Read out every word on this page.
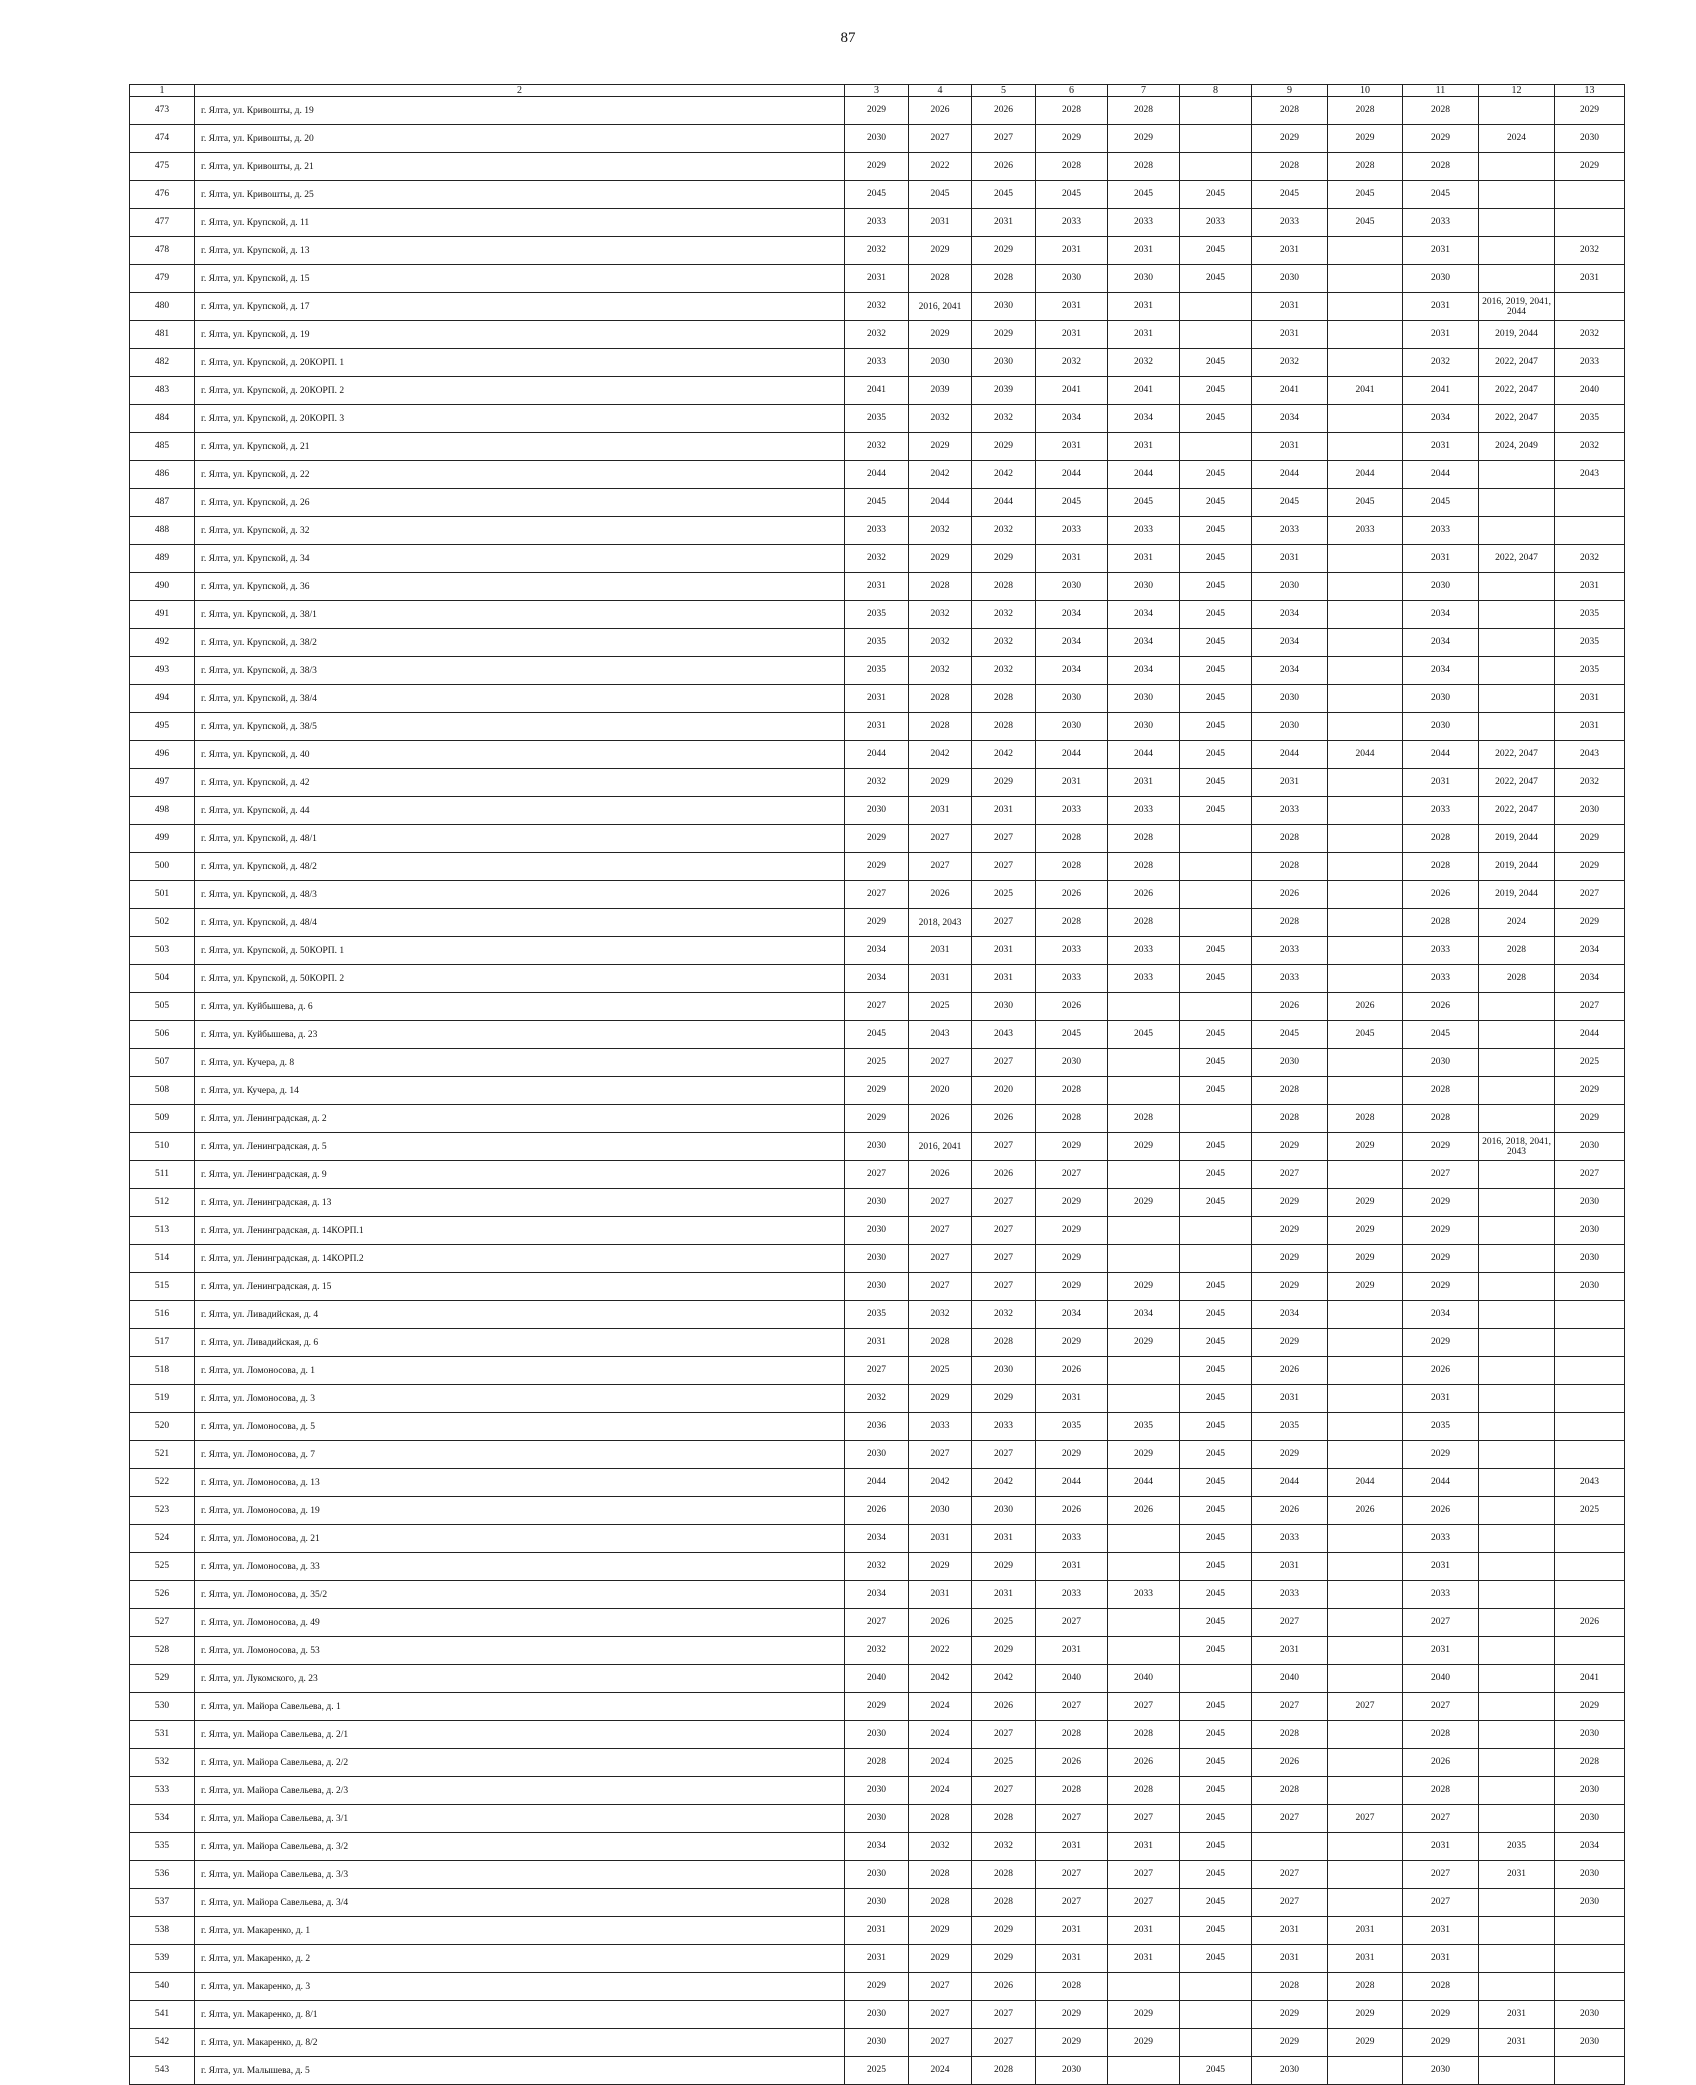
87
1	2	3	4	5	6	7	8	9	10	11	12	13
473	г. Ялта, ул. Кривошты, д. 19	2029	2026	2026	2028	2028		2028	2028	2028		2029
474	г. Ялта, ул. Кривошты, д. 20	2030	2027	2027	2029	2029		2029	2029	2029	2024	2030
475	г. Ялта, ул. Кривошты, д. 21	2029	2022	2026	2028	2028		2028	2028	2028		2029
476	г. Ялта, ул. Кривошты, д. 25	2045	2045	2045	2045	2045	2045	2045	2045	2045		
477	г. Ялта, ул. Крупской, д. 11	2033	2031	2031	2033	2033	2033	2033	2045	2033		
478	г. Ялта, ул. Крупской, д. 13	2032	2029	2029	2031	2031	2045	2031		2031		2032
479	г. Ялта, ул. Крупской, д. 15	2031	2028	2028	2030	2030	2045	2030		2030		2031
480	г. Ялта, ул. Крупской, д. 17	2032	2016, 2041	2030	2031	2031		2031		2031	2016, 2019, 2041, 2044	
481	г. Ялта, ул. Крупской, д. 19	2032	2029	2029	2031	2031		2031		2031	2019, 2044	2032
482	г. Ялта, ул. Крупской, д. 20КОРП. 1	2033	2030	2030	2032	2032	2045	2032		2032	2022, 2047	2033
483	г. Ялта, ул. Крупской, д. 20КОРП. 2	2041	2039	2039	2041	2041	2045	2041	2041	2041	2022, 2047	2040
484	г. Ялта, ул. Крупской, д. 20КОРП. 3	2035	2032	2032	2034	2034	2045	2034		2034	2022, 2047	2035
485	г. Ялта, ул. Крупской, д. 21	2032	2029	2029	2031	2031		2031		2031	2024, 2049	2032
486	г. Ялта, ул. Крупской, д. 22	2044	2042	2042	2044	2044	2045	2044	2044	2044		2043
487	г. Ялта, ул. Крупской, д. 26	2045	2044	2044	2045	2045	2045	2045	2045	2045		
488	г. Ялта, ул. Крупской, д. 32	2033	2032	2032	2033	2033	2045	2033	2033	2033		
489	г. Ялта, ул. Крупской, д. 34	2032	2029	2029	2031	2031	2045	2031		2031	2022, 2047	2032
490	г. Ялта, ул. Крупской, д. 36	2031	2028	2028	2030	2030	2045	2030		2030		2031
491	г. Ялта, ул. Крупской, д. 38/1	2035	2032	2032	2034	2034	2045	2034		2034		2035
492	г. Ялта, ул. Крупской, д. 38/2	2035	2032	2032	2034	2034	2045	2034		2034		2035
493	г. Ялта, ул. Крупской, д. 38/3	2035	2032	2032	2034	2034	2045	2034		2034		2035
494	г. Ялта, ул. Крупской, д. 38/4	2031	2028	2028	2030	2030	2045	2030		2030		2031
495	г. Ялта, ул. Крупской, д. 38/5	2031	2028	2028	2030	2030	2045	2030		2030		2031
496	г. Ялта, ул. Крупской, д. 40	2044	2042	2042	2044	2044	2045	2044	2044	2044	2022, 2047	2043
497	г. Ялта, ул. Крупской, д. 42	2032	2029	2029	2031	2031	2045	2031		2031	2022, 2047	2032
498	г. Ялта, ул. Крупской, д. 44	2030	2031	2031	2033	2033	2045	2033		2033	2022, 2047	2030
499	г. Ялта, ул. Крупской, д. 48/1	2029	2027	2027	2028	2028		2028		2028	2019, 2044	2029
500	г. Ялта, ул. Крупской, д. 48/2	2029	2027	2027	2028	2028		2028		2028	2019, 2044	2029
501	г. Ялта, ул. Крупской, д. 48/3	2027	2026	2025	2026	2026		2026		2026	2019, 2044	2027
502	г. Ялта, ул. Крупской, д. 48/4	2029	2018, 2043	2027	2028	2028		2028		2028	2024	2029
503	г. Ялта, ул. Крупской, д. 50КОРП. 1	2034	2031	2031	2033	2033	2045	2033		2033	2028	2034
504	г. Ялта, ул. Крупской, д. 50КОРП. 2	2034	2031	2031	2033	2033	2045	2033		2033	2028	2034
505	г. Ялта, ул. Куйбышева, д. 6	2027	2025	2030	2026			2026	2026	2026		2027
506	г. Ялта, ул. Куйбышева, д. 23	2045	2043	2043	2045	2045	2045	2045	2045	2045		2044
507	г. Ялта, ул. Кучера, д. 8	2025	2027	2027	2030		2045	2030		2030		2025
508	г. Ялта, ул. Кучера, д. 14	2029	2020	2020	2028		2045	2028		2028		2029
509	г. Ялта, ул. Ленинградская, д. 2	2029	2026	2026	2028	2028		2028	2028	2028		2029
510	г. Ялта, ул. Ленинградская, д. 5	2030	2016, 2041	2027	2029	2029	2045	2029	2029	2029	2016, 2018, 2041, 2043	2030
511	г. Ялта, ул. Ленинградская, д. 9	2027	2026	2026	2027		2045	2027		2027		2027
512	г. Ялта, ул. Ленинградская, д. 13	2030	2027	2027	2029	2029	2045	2029	2029	2029		2030
513	г. Ялта, ул. Ленинградская, д. 14КОРП.1	2030	2027	2027	2029			2029	2029	2029		2030
514	г. Ялта, ул. Ленинградская, д. 14КОРП.2	2030	2027	2027	2029			2029	2029	2029		2030
515	г. Ялта, ул. Ленинградская, д. 15	2030	2027	2027	2029	2029	2045	2029	2029	2029		2030
516	г. Ялта, ул. Ливадийская, д. 4	2035	2032	2032	2034	2034	2045	2034		2034		
517	г. Ялта, ул. Ливадийская, д. 6	2031	2028	2028	2029	2029	2045	2029		2029		
518	г. Ялта, ул. Ломоносова, д. 1	2027	2025	2030	2026		2045	2026		2026		
519	г. Ялта, ул. Ломоносова, д. 3	2032	2029	2029	2031		2045	2031		2031		
520	г. Ялта, ул. Ломоносова, д. 5	2036	2033	2033	2035	2035	2045	2035		2035		
521	г. Ялта, ул. Ломоносова, д. 7	2030	2027	2027	2029	2029	2045	2029		2029		
522	г. Ялта, ул. Ломоносова, д. 13	2044	2042	2042	2044	2044	2045	2044	2044	2044		2043
523	г. Ялта, ул. Ломоносова, д. 19	2026	2030	2030	2026	2026	2045	2026	2026	2026		2025
524	г. Ялта, ул. Ломоносова, д. 21	2034	2031	2031	2033		2045	2033		2033		
525	г. Ялта, ул. Ломоносова, д. 33	2032	2029	2029	2031		2045	2031		2031		
526	г. Ялта, ул. Ломоносова, д. 35/2	2034	2031	2031	2033	2033	2045	2033		2033		
527	г. Ялта, ул. Ломоносова, д. 49	2027	2026	2025	2027		2045	2027		2027		2026
528	г. Ялта, ул. Ломоносова, д. 53	2032	2022	2029	2031		2045	2031		2031		
529	г. Ялта, ул. Лукомского, д. 23	2040	2042	2042	2040	2040		2040		2040		2041
530	г. Ялта, ул. Майора Савельева, д. 1	2029	2024	2026	2027	2027	2045	2027	2027	2027		2029
531	г. Ялта, ул. Майора Савельева, д. 2/1	2030	2024	2027	2028	2028	2045	2028		2028		2030
532	г. Ялта, ул. Майора Савельева, д. 2/2	2028	2024	2025	2026	2026	2045	2026		2026		2028
533	г. Ялта, ул. Майора Савельева, д. 2/3	2030	2024	2027	2028	2028	2045	2028		2028		2030
534	г. Ялта, ул. Майора Савельева, д. 3/1	2030	2028	2028	2027	2027	2045	2027	2027	2027		2030
535	г. Ялта, ул. Майора Савельева, д. 3/2	2034	2032	2032	2031	2031	2045			2031	2035	2034
536	г. Ялта, ул. Майора Савельева, д. 3/3	2030	2028	2028	2027	2027	2045	2027		2027	2031	2030
537	г. Ялта, ул. Майора Савельева, д. 3/4	2030	2028	2028	2027	2027	2045	2027		2027		2030
538	г. Ялта, ул. Макаренко, д. 1	2031	2029	2029	2031	2031	2045	2031	2031	2031		
539	г. Ялта, ул. Макаренко, д. 2	2031	2029	2029	2031	2031	2045	2031	2031	2031		
540	г. Ялта, ул. Макаренко, д. 3	2029	2027	2026	2028			2028	2028	2028		
541	г. Ялта, ул. Макаренко, д. 8/1	2030	2027	2027	2029	2029		2029	2029	2029	2031	2030
542	г. Ялта, ул. Макаренко, д. 8/2	2030	2027	2027	2029	2029		2029	2029	2029	2031	2030
543	г. Ялта, ул. Малышева, д. 5	2025	2024	2028	2030		2045	2030		2030		
